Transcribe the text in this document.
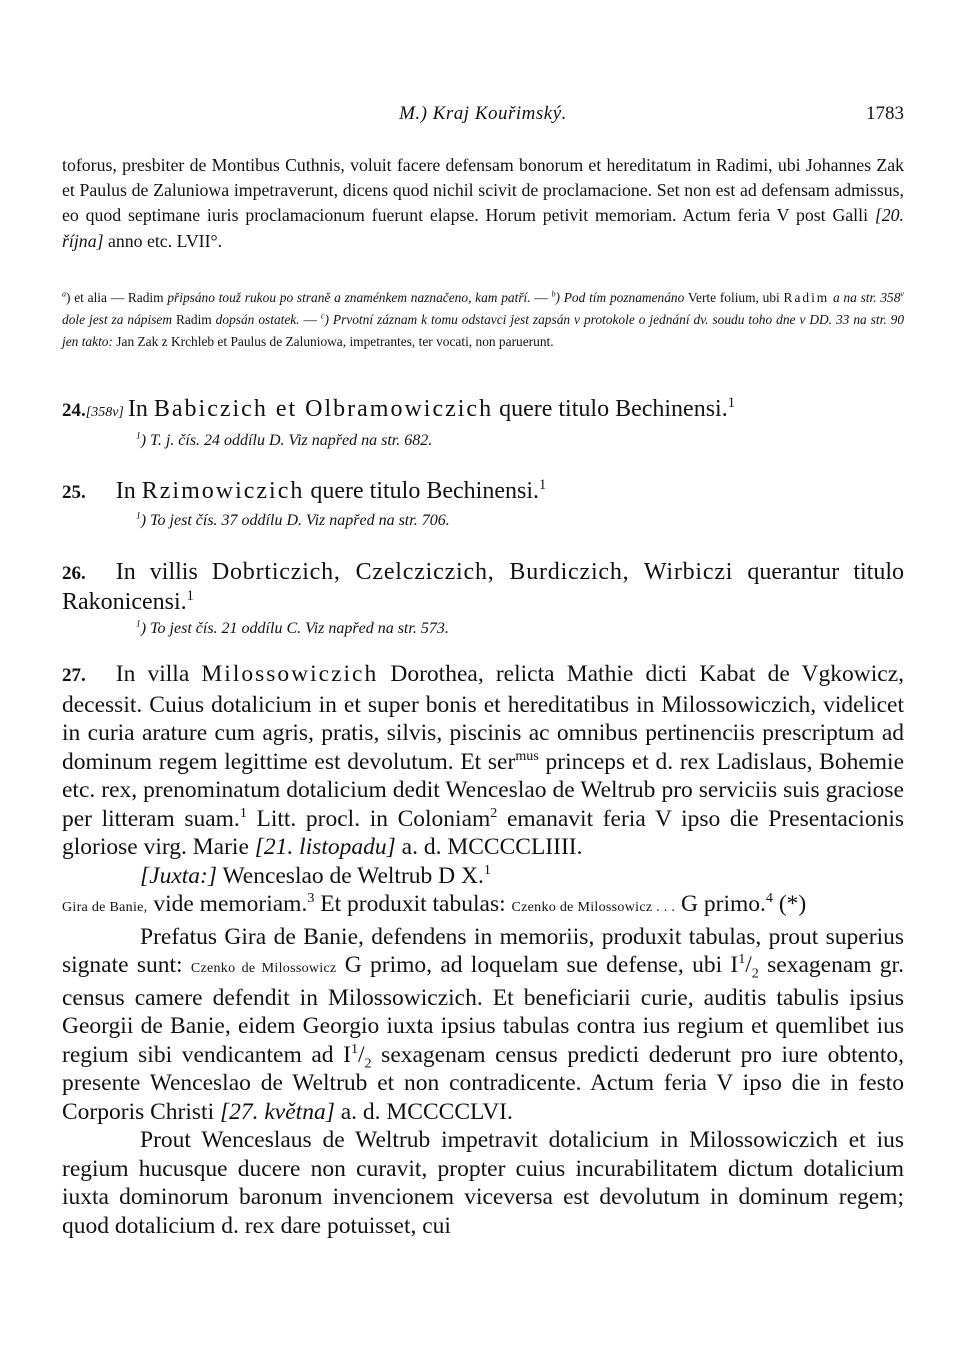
M.) Kraj Kouřimský.	1783

toforus, presbiter de Montibus Cuthnis, voluit facere defensam bonorum et hereditatum in Radimi, ubi Johannes Zak et Paulus de Zaluniowa impetraverunt, dicens quod nichil scivit de proclamacione. Set non est ad defensam admissus, eo quod septimane iuris proclamacionum fuerunt elapse. Horum petivit memoriam. Actum feria V post Galli [20. října] anno etc. LVII°.

$^a$) et alia — Radim připsáno touž rukou po straně a znaménkem naznačeno, kam patří. — $^b$) Pod tím poznamenáno Verte folium, ubi Radim a na str. 358$^v$ dole jest za nápisem Radim dopsán ostatek. — $^c$) Prvotní záznam k tomu odstavci jest zapsán v protokole o jednání dv. soudu toho dne v DD. 33 na str. 90 jen takto: Jan Zak z Krchleb et Paulus de Zaluniowa, impetrantes, ter vocati, non paruerunt.

24.[358v] In Babiczich et Olbramowiczich quere titulo Bechinensi.$^1$
$^1$) T. j. čís. 24 oddílu D. Viz napřed na str. 682.
25. In Rzimowiczich quere titulo Bechinensi.$^1$
$^1$) To jest čís. 37 oddílu D. Viz napřed na str. 706.
26. In villis Dobrticzich, Czelcziczich, Burdiczich, Wirbiczi querantur titulo Rakonicensi.$^1$
$^1$) To jest čís. 21 oddílu C. Viz napřed na str. 573.

27. In villa Milossowiczich Dorothea, relicta Mathie dicti Kabat de Vgkowicz, decessit. Cuius dotalicium in et super bonis et hereditatibus in Milossowiczich, videlicet in curia arature cum agris, pratis, silvis, piscinis ac omnibus pertinenciis prescriptum ad dominum regem legittime est devolutum. Et ser$^{mus}$ princeps et d. rex Ladislaus, Bohemie etc. rex, prenominatum dotalicium dedit Wenceslao de Weltrub pro serviciis suis graciose per litteram suam.$^1$ Litt. procl. in Coloniam$^2$ emanavit feria V ipso die Presentacionis gloriose virg. Marie [21. listopadu] a. d. MCCCCLIIII.

[Juxta:] Wenceslao de Weltrub D X.$^1$

Gira de Banie, vide memoriam.$^3$ Et produxit tabulas: Czenko de Milossowicz . . . G primo.$^4$ (*)

Prefatus Gira de Banie, defendens in memoriis, produxit tabulas, prout superius signate sunt: Czenko de Milossowicz G primo, ad loquelam sue defense, ubi $I^1/_2$ sexagenam gr. census camere defendit in Milossowiczich. Et beneficiarii curie, auditis tabulis ipsius Georgii de Banie, eidem Georgio iuxta ipsius tabulas contra ius regium et quemlibet ius regium sibi vendicantem ad $I^1/_2$ sexagenam census predicti dederunt pro iure obtento, presente Wenceslao de Weltrub et non contradicente. Actum feria V ipso die in festo Corporis Christi [27. května] a. d. MCCCCLVI.

Prout Wenceslaus de Weltrub impetravit dotalicium in Milossowiczich et ius regium hucusque ducere non curavit, propter cuius incurabilitatem dictum dotalicium iuxta dominorum baronum invencionem viceversa est devolutum in dominum regem; quod dotalicium d. rex dare potuisset, cui
